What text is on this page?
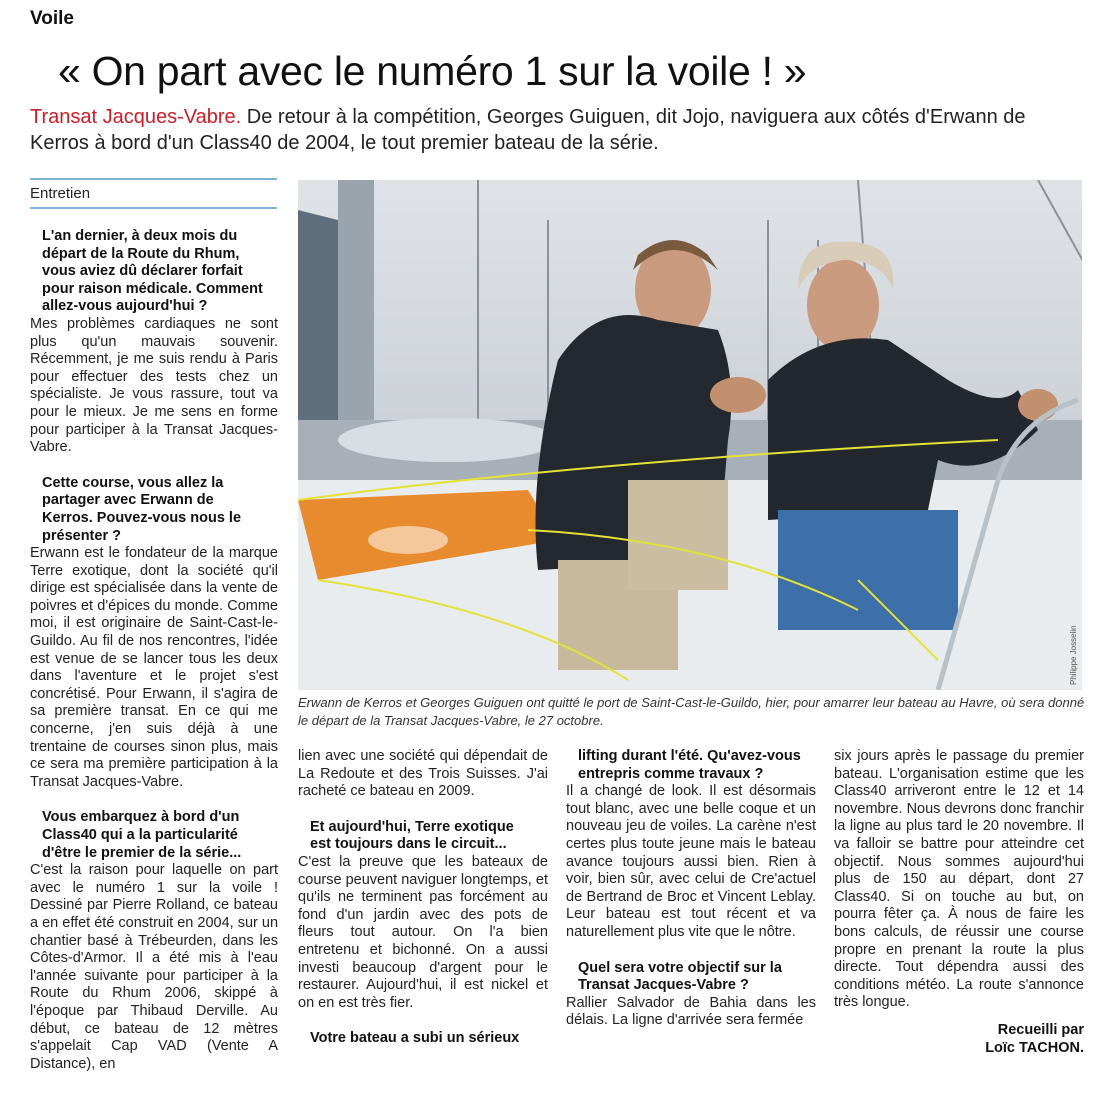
Voile
« On part avec le numéro 1 sur la voile ! »
Transat Jacques-Vabre. De retour à la compétition, Georges Guiguen, dit Jojo, naviguera aux côtés d'Erwann de Kerros à bord d'un Class40 de 2004, le tout premier bateau de la série.
Entretien
Philippe Josselin
Erwann de Kerros et Georges Guiguen ont quitté le port de Saint-Cast-le-Guildo, hier, pour amarrer leur bateau au Havre, où sera donné le départ de la Transat Jacques-Vabre, le 27 octobre.

L'an dernier, à deux mois du départ de la Route du Rhum, vous aviez dû déclarer forfait pour raison médicale. Comment allez-vous aujourd'hui ?

Mes problèmes cardiaques ne sont plus qu'un mauvais souvenir. Récemment, je me suis rendu à Paris pour effectuer des tests chez un spécialiste. Je vous rassure, tout va pour le mieux. Je me sens en forme pour participer à la Transat Jacques-Vabre.

Cette course, vous allez la partager avec Erwann de Kerros. Pouvez-vous nous le présenter ?

Erwann est le fondateur de la marque Terre exotique, dont la société qu'il dirige est spécialisée dans la vente de poivres et d'épices du monde. Comme moi, il est originaire de Saint-Cast-le-Guildo. Au fil de nos rencontres, l'idée est venue de se lancer tous les deux dans l'aventure et le projet s'est concrétisé. Pour Erwann, il s'agira de sa première transat. En ce qui me concerne, j'en suis déjà à une trentaine de courses sinon plus, mais ce sera ma première participation à la Transat Jacques-Vabre.

Vous embarquez à bord d'un Class40 qui a la particularité d'être le premier de la série...

C'est la raison pour laquelle on part avec le numéro 1 sur la voile ! Dessiné par Pierre Rolland, ce bateau a en effet été construit en 2004, sur un chantier basé à Trébeurden, dans les Côtes-d'Armor. Il a été mis à l'eau l'année suivante pour participer à la Route du Rhum 2006, skippé à l'époque par Thibaud Derville. Au début, ce bateau de 12 mètres s'appelait Cap VAD (Vente A Distance), en

lien avec une société qui dépendait de La Redoute et des Trois Suisses. J'ai racheté ce bateau en 2009.

Et aujourd'hui, Terre exotique est toujours dans le circuit...

C'est la preuve que les bateaux de course peuvent naviguer longtemps, et qu'ils ne terminent pas forcément au fond d'un jardin avec des pots de fleurs tout autour. On l'a bien entretenu et bichonné. On a aussi investi beaucoup d'argent pour le restaurer. Aujourd'hui, il est nickel et on en est très fier.

Votre bateau a subi un sérieux

lifting durant l'été. Qu'avez-vous entrepris comme travaux ?

Il a changé de look. Il est désormais tout blanc, avec une belle coque et un nouveau jeu de voiles. La carène n'est certes plus toute jeune mais le bateau avance toujours aussi bien. Rien à voir, bien sûr, avec celui de Cre'actuel de Bertrand de Broc et Vincent Leblay. Leur bateau est tout récent et va naturellement plus vite que le nôtre.

Quel sera votre objectif sur la Transat Jacques-Vabre ?

Rallier Salvador de Bahia dans les délais. La ligne d'arrivée sera fermée

six jours après le passage du premier bateau. L'organisation estime que les Class40 arriveront entre le 12 et 14 novembre. Nous devrons donc franchir la ligne au plus tard le 20 novembre. Il va falloir se battre pour atteindre cet objectif. Nous sommes aujourd'hui plus de 150 au départ, dont 27 Class40. Si on touche au but, on pourra fêter ça. À nous de faire les bons calculs, de réussir une course propre en prenant la route la plus directe. Tout dépendra aussi des conditions météo. La route s'annonce très longue.

Recueilli par
Loïc TACHON.
